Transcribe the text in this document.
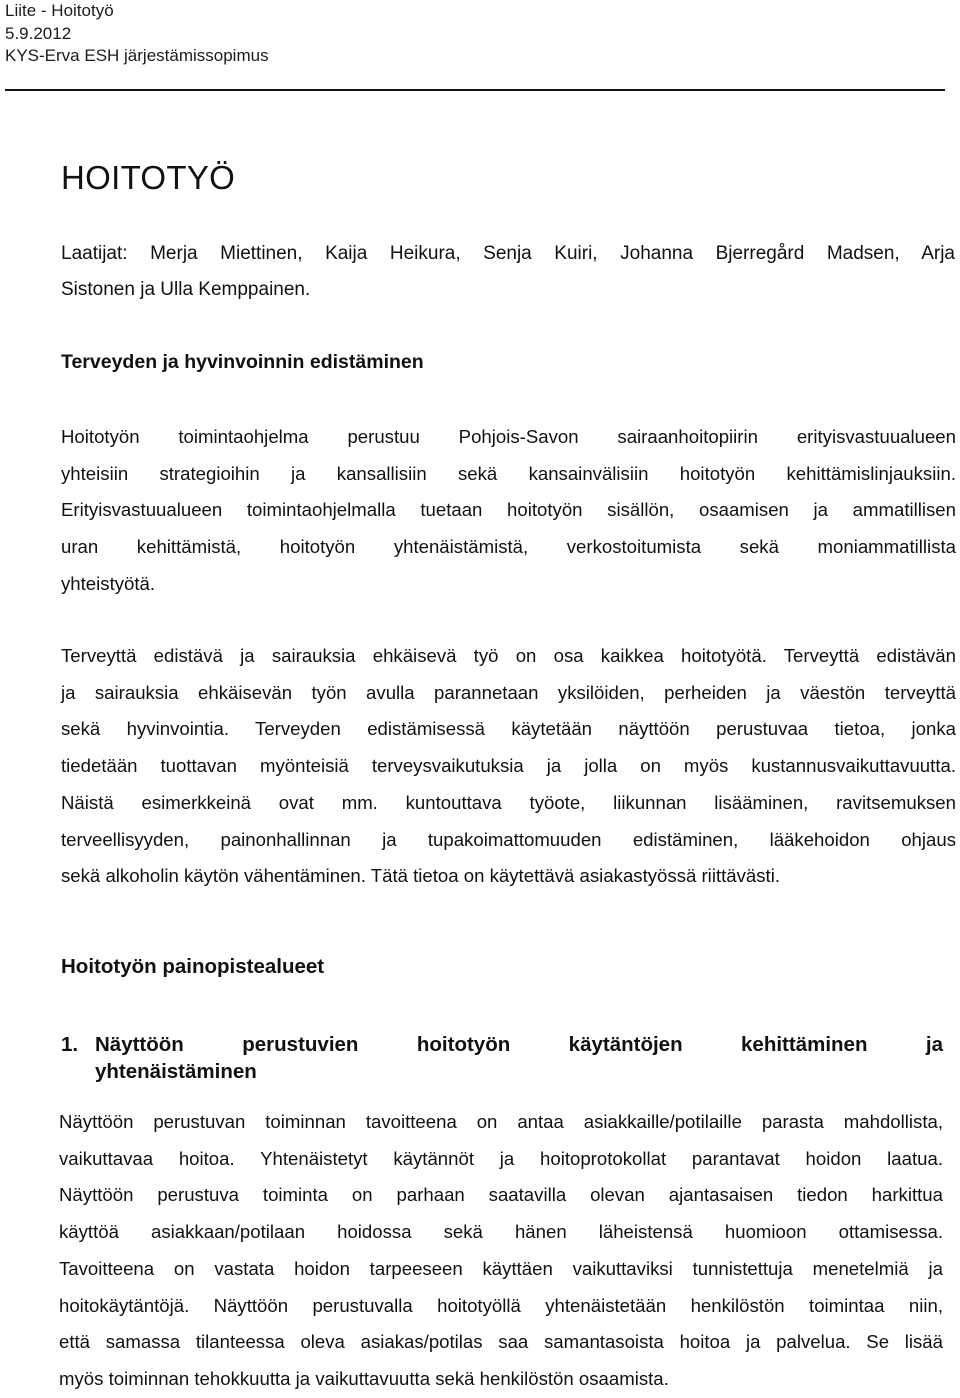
Liite - Hoitotyö
5.9.2012
KYS-Erva ESH järjestämissopimus
HOITOTYÖ
Laatijat: Merja Miettinen, Kaija Heikura, Senja Kuiri, Johanna Bjerregård Madsen, Arja
Sistonen ja Ulla Kemppainen.
Terveyden ja hyvinvoinnin edistäminen
Hoitotyön toimintaohjelma perustuu Pohjois-Savon sairaanhoitopiirin erityisvastuualueen
yhteisiin strategioihin ja kansallisiin sekä kansainvälisiin hoitotyön kehittämislinjauksiin.
Erityisvastuualueen toimintaohjelmalla tuetaan hoitotyön sisällön, osaamisen ja ammatillisen
uran kehittämistä, hoitotyön yhtenäistämistä, verkostoitumista sekä moniammatillista
yhteistyötä.
Terveyttä edistävä ja sairauksia ehkäisevä työ on osa kaikkea hoitotyötä. Terveyttä edistävän
ja sairauksia ehkäisevän työn avulla parannetaan yksilöiden, perheiden ja väestön terveyttä
sekä hyvinvointia. Terveyden edistämisessä käytetään näyttöön perustuvaa tietoa, jonka
tiedetään tuottavan myönteisiä terveysvaikutuksia ja jolla on myös kustannusvaikuttavuutta.
Näistä esimerkkeinä ovat mm. kuntouttava työote, liikunnan lisääminen, ravitsemuksen
terveellisyyden, painonhallinnan ja tupakoimattomuuden edistäminen, lääkehoidon ohjaus
sekä alkoholin käytön vähentäminen. Tätä tietoa on käytettävä asiakastyössä riittävästi.
Hoitotyön painopistealueet
1. Näyttöön perustuvien hoitotyön käytäntöjen kehittäminen ja
yhtenäistäminen
Näyttöön perustuvan toiminnan tavoitteena on antaa asiakkaille/potilaille parasta mahdollista,
vaikuttavaa hoitoa. Yhtenäistetyt käytännöt ja hoitoprotokollat parantavat hoidon laatua.
Näyttöön perustuva toiminta on parhaan saatavilla olevan ajantasaisen tiedon harkittua
käyttöä asiakkaan/potilaan hoidossa sekä hänen läheistensä huomioon ottamisessa.
Tavoitteena on vastata hoidon tarpeeseen käyttäen vaikuttaviksi tunnistettuja menetelmiä ja
hoitokäytäntöjä. Näyttöön perustuvalla hoitotyöllä yhtenäistetään henkilöstön toimintaa niin,
että samassa tilanteessa oleva asiakas/potilas saa samantasoista hoitoa ja palvelua. Se lisää
myös toiminnan tehokkuutta ja vaikuttavuutta sekä henkilöstön osaamista.
